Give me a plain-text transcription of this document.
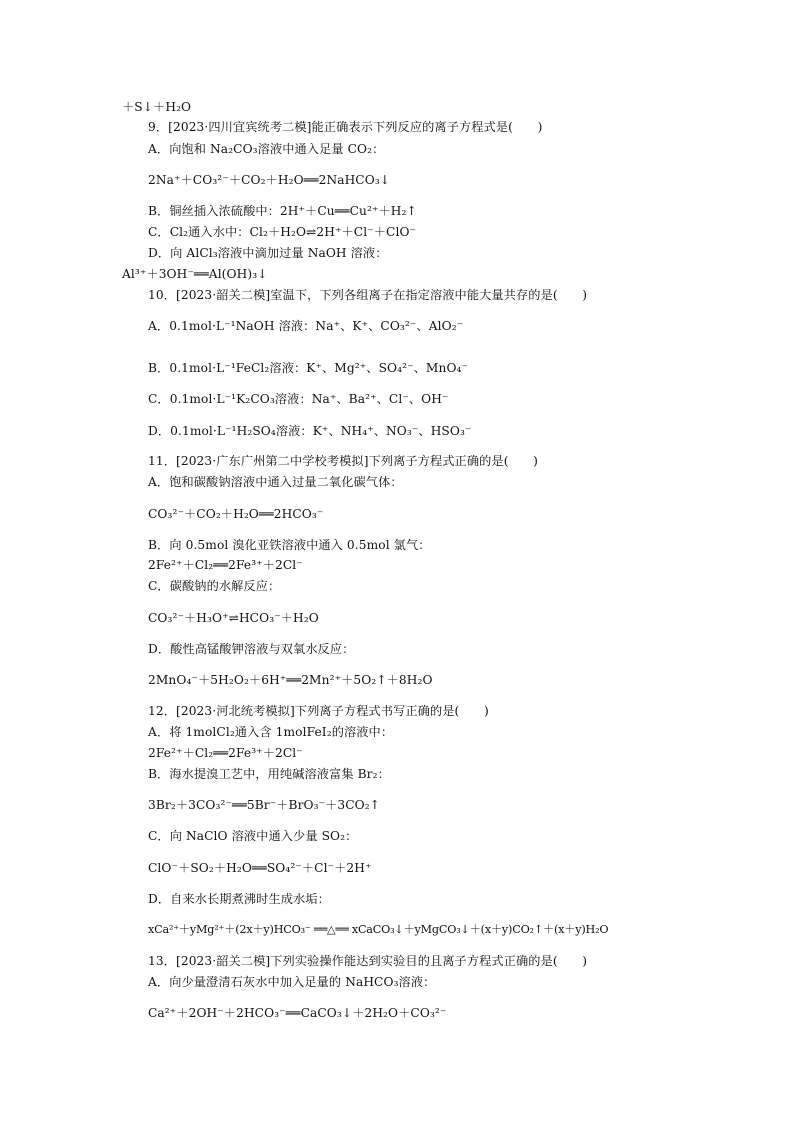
＋S↓＋H₂O
9．[2023·四川宜宾统考二模]能正确表示下列反应的离子方程式是(　　)
A．向饱和 Na₂CO₃溶液中通入足量 CO₂：
2Na⁺＋CO₃²⁻＋CO₂＋H₂O══2NaHCO₃↓
B．铜丝插入浓硫酸中：2H⁺＋Cu══Cu²⁺＋H₂↑
C．Cl₂通入水中：Cl₂＋H₂O⇌2H⁺＋Cl⁻＋ClO⁻
D．向 AlCl₃溶液中滴加过量 NaOH 溶液：
Al³⁺＋3OH⁻══Al(OH)₃↓
10．[2023·韶关二模]室温下，下列各组离子在指定溶液中能大量共存的是(　　)
A．0.1mol·L⁻¹NaOH 溶液：Na⁺、K⁺、CO₃²⁻、AlO₂⁻
B．0.1mol·L⁻¹FeCl₂溶液：K⁺、Mg²⁺、SO₄²⁻、MnO₄⁻
C．0.1mol·L⁻¹K₂CO₃溶液：Na⁺、Ba²⁺、Cl⁻、OH⁻
D．0.1mol·L⁻¹H₂SO₄溶液：K⁺、NH₄⁺、NO₃⁻、HSO₃⁻
11．[2023·广东广州第二中学校考模拟]下列离子方程式正确的是(　　)
A．饱和碳酸钠溶液中通入过量二氧化碳气体：
CO₃²⁻＋CO₂＋H₂O══2HCO₃⁻
B．向 0.5mol 溴化亚铁溶液中通入 0.5mol 氯气：
2Fe²⁺＋Cl₂══2Fe³⁺＋2Cl⁻
C．碳酸钠的水解反应：
CO₃²⁻＋H₃O⁺⇌HCO₃⁻＋H₂O
D．酸性高锰酸钾溶液与双氧水反应：
2MnO₄⁻＋5H₂O₂＋6H⁺══2Mn²⁺＋5O₂↑＋8H₂O
12．[2023·河北统考模拟]下列离子方程式书写正确的是(　　)
A．将 1molCl₂通入含 1molFeI₂的溶液中：
2Fe²⁺＋Cl₂══2Fe³⁺＋2Cl⁻
B．海水提溴工艺中，用纯碱溶液富集 Br₂：
3Br₂＋3CO₃²⁻══5Br⁻＋BrO₃⁻＋3CO₂↑
C．向 NaClO 溶液中通入少量 SO₂：
ClO⁻＋SO₂＋H₂O══SO₄²⁻＋Cl⁻＋2H⁺
D．自来水长期煮沸时生成水垢：
xCa²⁺＋yMg²⁺＋(2x＋y)HCO₃⁻ ══△══ xCaCO₃↓＋yMgCO₃↓＋(x＋y)CO₂↑＋(x＋y)H₂O
13．[2023·韶关二模]下列实验操作能达到实验目的且离子方程式正确的是(　　)
A．向少量澄清石灰水中加入足量的 NaHCO₃溶液：
Ca²⁺＋2OH⁻＋2HCO₃⁻══CaCO₃↓＋2H₂O＋CO₃²⁻
